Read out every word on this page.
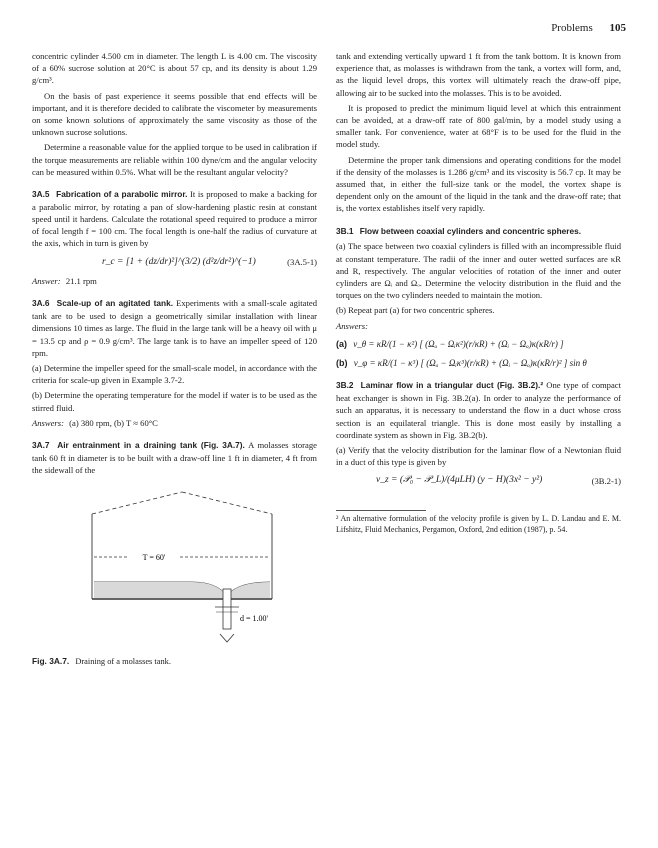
Problems 105

concentric cylinder 4.500 cm in diameter. The length L is 4.00 cm. The viscosity of a 60% sucrose solution at 20°C is about 57 cp, and its density is about 1.29 g/cm³.

On the basis of past experience it seems possible that end effects will be important, and it is therefore decided to calibrate the viscometer by measurements on some known solutions of approximately the same viscosity as those of the unknown sucrose solutions.

Determine a reasonable value for the applied torque to be used in calibration if the torque measurements are reliable within 100 dyne/cm and the angular velocity can be measured within 0.5%. What will be the resultant angular velocity?

3A.5 Fabrication of a parabolic mirror. It is proposed to make a backing for a parabolic mirror, by rotating a pan of slow-hardening plastic resin at constant speed until it hardens. Calculate the rotational speed required to produce a mirror of focal length f = 100 cm. The focal length is one-half the radius of curvature at the axis, which in turn is given by

r_c = [1 + (dz/dr)²]^(3/2) (d²z/dr²)^(−1)	(3A.5-1)

Answer: 21.1 rpm

3A.6 Scale-up of an agitated tank. Experiments with a small-scale agitated tank are to be used to design a geometrically similar installation with linear dimensions 10 times as large. The fluid in the large tank will be a heavy oil with μ = 13.5 cp and ρ = 0.9 g/cm³. The large tank is to have an impeller speed of 120 rpm.

(a) Determine the impeller speed for the small-scale model, in accordance with the criteria for scale-up given in Example 3.7-2.

(b) Determine the operating temperature for the model if water is to be used as the stirred fluid.

Answers: (a) 380 rpm, (b) T ≈ 60°C

3A.7 Air entrainment in a draining tank (Fig. 3A.7). A molasses storage tank 60 ft in diameter is to be built with a draw-off line 1 ft in diameter, 4 ft from the sidewall of the

T = 60'
d = 1.00'
Fig. 3A.7. Draining of a molasses tank.

tank and extending vertically upward 1 ft from the tank bottom. It is known from experience that, as molasses is withdrawn from the tank, a vortex will form, and, as the liquid level drops, this vortex will ultimately reach the draw-off pipe, allowing air to be sucked into the molasses. This is to be avoided.

It is proposed to predict the minimum liquid level at which this entrainment can be avoided, at a draw-off rate of 800 gal/min, by a model study using a smaller tank. For convenience, water at 68°F is to be used for the fluid in the model study.

Determine the proper tank dimensions and operating conditions for the model if the density of the molasses is 1.286 g/cm³ and its viscosity is 56.7 cp. It may be assumed that, in either the full-size tank or the model, the vortex shape is dependent only on the amount of the liquid in the tank and the draw-off rate; that is, the vortex establishes itself very rapidly.

3B.1 Flow between coaxial cylinders and concentric spheres.

(a) The space between two coaxial cylinders is filled with an incompressible fluid at constant temperature. The radii of the inner and outer wetted surfaces are κR and R, respectively. The angular velocities of rotation of the inner and outer cylinders are Ωᵢ and Ωₒ. Determine the velocity distribution in the fluid and the torques on the two cylinders needed to maintain the motion.

(b) Repeat part (a) for two concentric spheres.

Answers:

(a) v_θ = κR/(1 − κ²) [ (Ωₒ − Ωᵢκ²)(r/κR) + (Ωᵢ − Ωₒ)κ(κR/r) ]
(b) v_φ = κR/(1 − κ³) [ (Ωₒ − Ωᵢκ³)(r/κR) + (Ωᵢ − Ωₒ)κ(κR/r)² ] sin θ

3B.2 Laminar flow in a triangular duct (Fig. 3B.2).² One type of compact heat exchanger is shown in Fig. 3B.2(a). In order to analyze the performance of such an apparatus, it is necessary to understand the flow in a duct whose cross section is an equilateral triangle. This is done most easily by installing a coordinate system as shown in Fig. 3B.2(b).

(a) Verify that the velocity distribution for the laminar flow of a Newtonian fluid in a duct of this type is given by

v_z = (𝒫₀ − 𝒫_L)/(4μLH) (y − H)(3x² − y²)	(3B.2-1)

² An alternative formulation of the velocity profile is given by L. D. Landau and E. M. Lifshitz, Fluid Mechanics, Pergamon, Oxford, 2nd edition (1987), p. 54.
